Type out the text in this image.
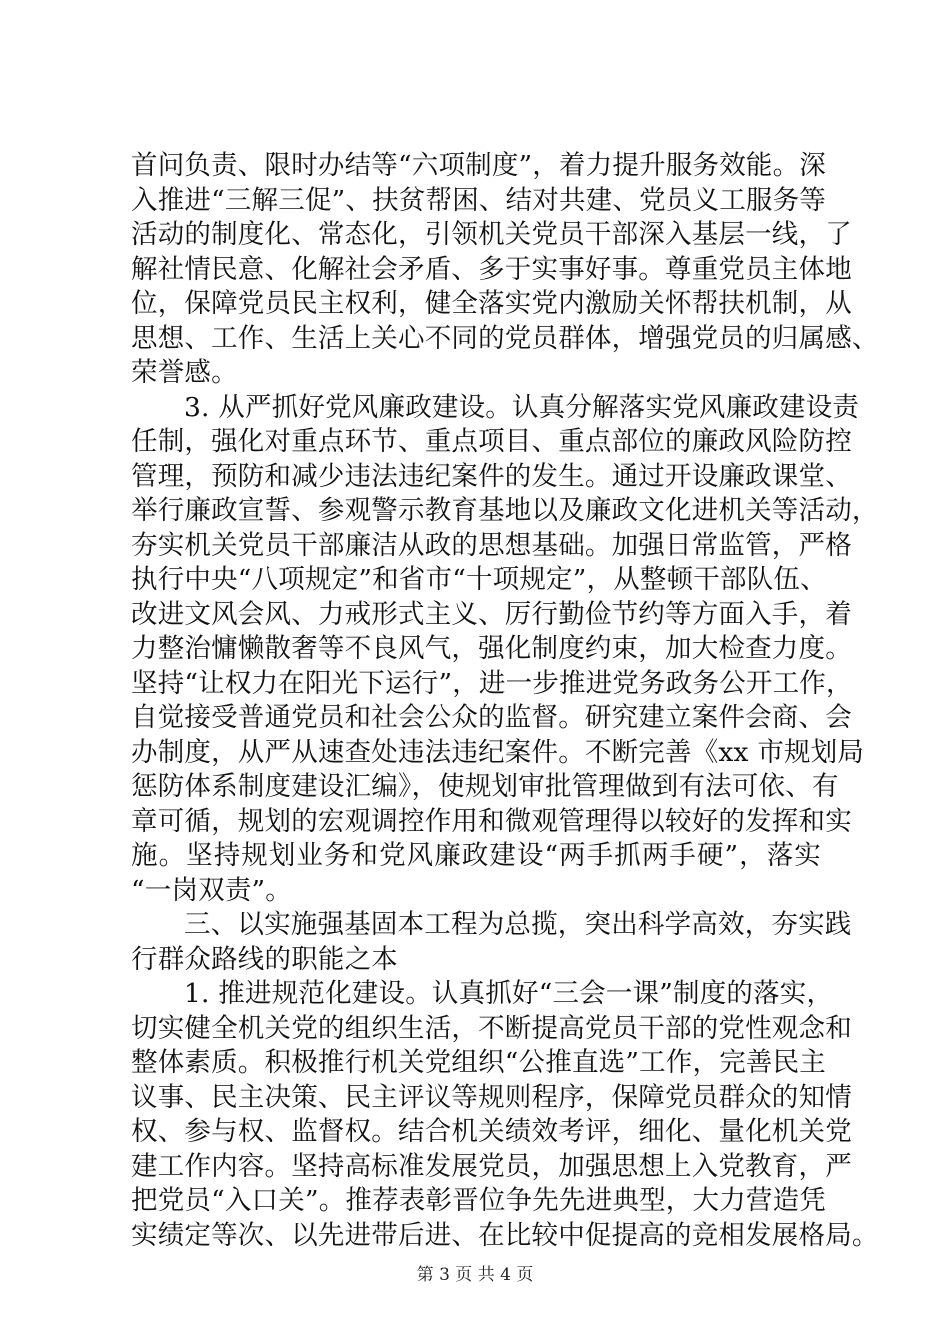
首问负责、限时办结等“六项制度”，着力提升服务效能。深
入推进“三解三促”、扶贫帮困、结对共建、党员义工服务等
活动的制度化、常态化，引领机关党员干部深入基层一线，了
解社情民意、化解社会矛盾、多于实事好事。尊重党员主体地
位，保障党员民主权利，健全落实党内激励关怀帮扶机制，从
思想、工作、生活上关心不同的党员群体，增强党员的归属感、
荣誉感。
3. 从严抓好党风廉政建设。认真分解落实党风廉政建设责
任制，强化对重点环节、重点项目、重点部位的廉政风险防控
管理，预防和减少违法违纪案件的发生。通过开设廉政课堂、
举行廉政宣誓、参观警示教育基地以及廉政文化进机关等活动，
夯实机关党员干部廉洁从政的思想基础。加强日常监管，严格
执行中央“八项规定”和省市“十项规定”，从整顿干部队伍、
改进文风会风、力戒形式主义、厉行勤俭节约等方面入手，着
力整治慵懒散奢等不良风气，强化制度约束，加大检查力度。
坚持“让权力在阳光下运行”，进一步推进党务政务公开工作，
自觉接受普通党员和社会公众的监督。研究建立案件会商、会
办制度，从严从速查处违法违纪案件。不断完善《xx 市规划局
惩防体系制度建设汇编》，使规划审批管理做到有法可依、有
章可循，规划的宏观调控作用和微观管理得以较好的发挥和实
施。坚持规划业务和党风廉政建设“两手抓两手硬”，落实
“一岗双责”。
三、以实施强基固本工程为总揽，突出科学高效，夯实践
行群众路线的职能之本
1. 推进规范化建设。认真抓好“三会一课”制度的落实，
切实健全机关党的组织生活，不断提高党员干部的党性观念和
整体素质。积极推行机关党组织“公推直选”工作，完善民主
议事、民主决策、民主评议等规则程序，保障党员群众的知情
权、参与权、监督权。结合机关绩效考评，细化、量化机关党
建工作内容。坚持高标准发展党员，加强思想上入党教育，严
把党员“入口关”。推荐表彰晋位争先先进典型，大力营造凭
实绩定等次、以先进带后进、在比较中促提高的竞相发展格局。
第 3 页 共 4 页
